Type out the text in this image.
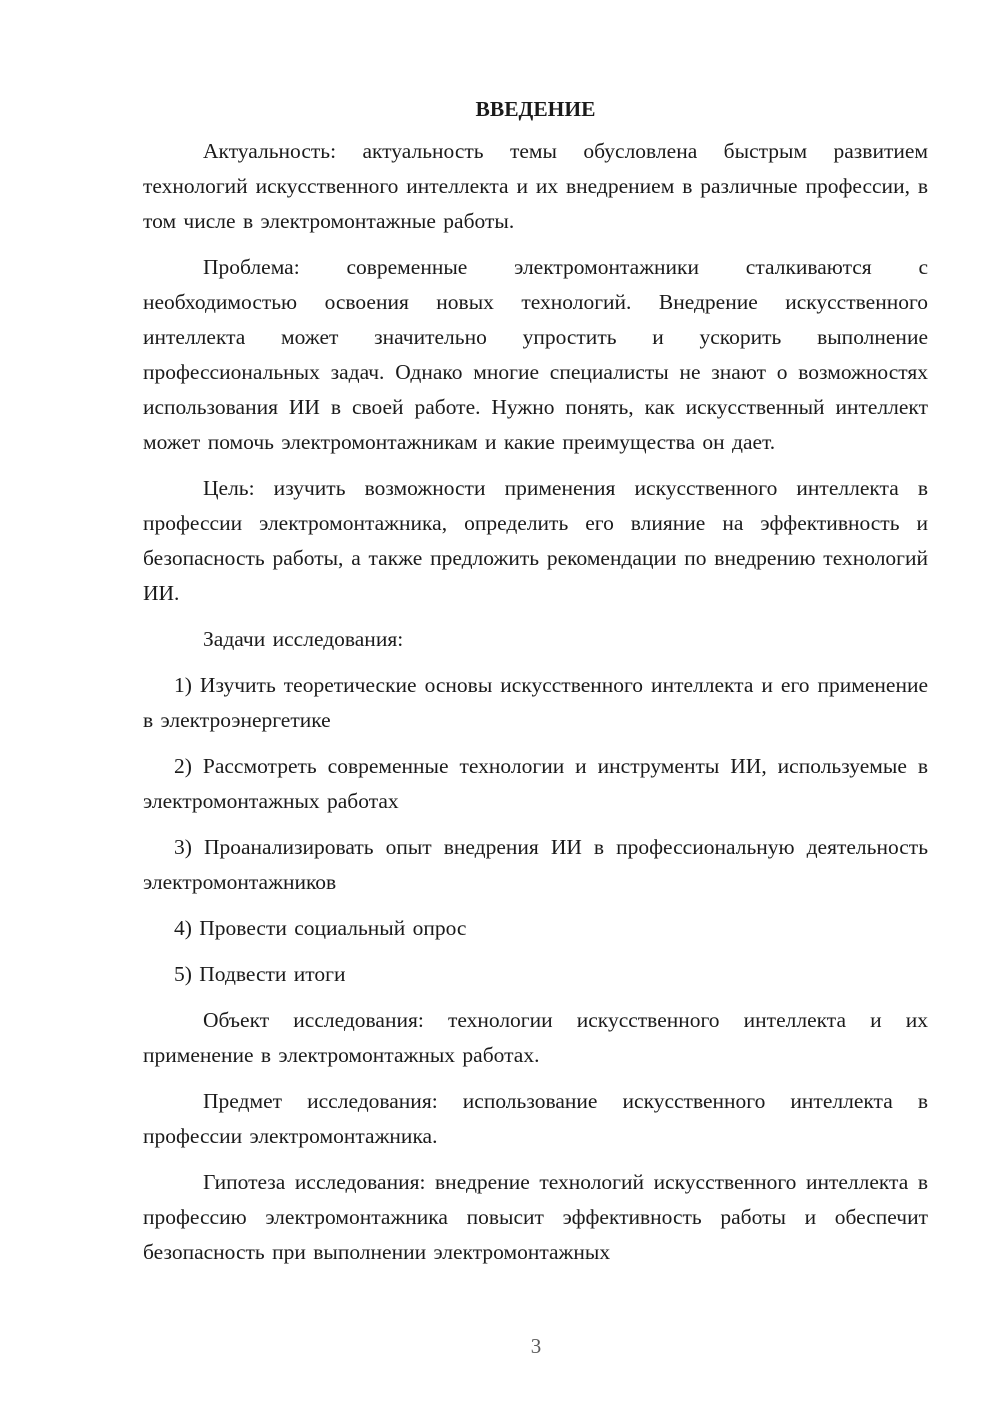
ВВЕДЕНИЕ

Актуальность: актуальность темы обусловлена быстрым развитием технологий искусственного интеллекта и их внедрением в различные профессии, в том числе в электромонтажные работы.

Проблема: современные электромонтажники сталкиваются с необходимостью освоения новых технологий. Внедрение искусственного интеллекта может значительно упростить и ускорить выполнение профессиональных задач. Однако многие специалисты не знают о возможностях использования ИИ в своей работе. Нужно понять, как искусственный интеллект может помочь электромонтажникам и какие преимущества он дает.

Цель: изучить возможности применения искусственного интеллекта в профессии электромонтажника, определить его влияние на эффективность и безопасность работы, а также предложить рекомендации по внедрению технологий ИИ.

Задачи исследования:

1) Изучить теоретические основы искусственного интеллекта и его применение в электроэнергетике

2) Рассмотреть современные технологии и инструменты ИИ, используемые в электромонтажных работах

3) Проанализировать опыт внедрения ИИ в профессиональную деятельность электромонтажников

4) Провести социальный опрос

5) Подвести итоги

Объект исследования: технологии искусственного интеллекта и их применение в электромонтажных работах.

Предмет исследования: использование искусственного интеллекта в профессии электромонтажника.

Гипотеза исследования: внедрение технологий искусственного интеллекта в профессию электромонтажника повысит эффективность работы и обеспечит безопасность при выполнении электромонтажных

3
